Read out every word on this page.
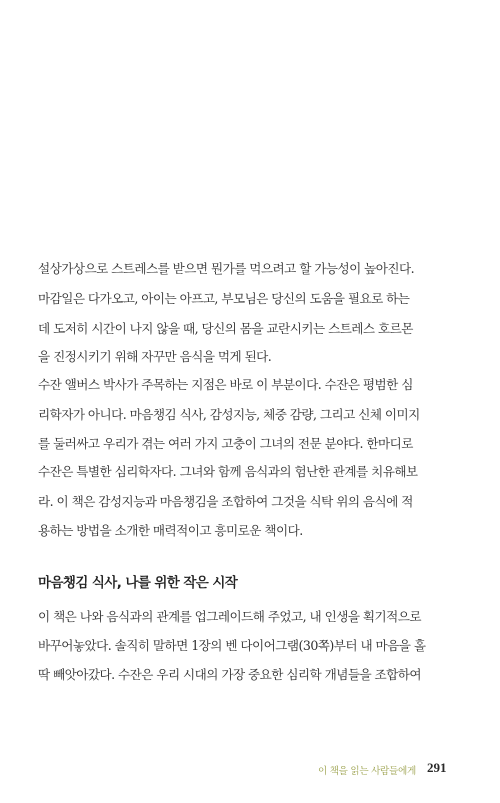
설상가상으로 스트레스를 받으면 뭔가를 먹으려고 할 가능성이 높아진다.
마감일은 다가오고, 아이는 아프고, 부모님은 당신의 도움을 필요로 하는
데 도저히 시간이 나지 않을 때, 당신의 몸을 교란시키는 스트레스 호르몬
을 진정시키기 위해 자꾸만 음식을 먹게 된다.
수잔 앨버스 박사가 주목하는 지점은 바로 이 부분이다. 수잔은 평범한 심
리학자가 아니다. 마음챙김 식사, 감성지능, 체중 감량, 그리고 신체 이미지
를 둘러싸고 우리가 겪는 여러 가지 고충이 그녀의 전문 분야다. 한마디로
수잔은 특별한 심리학자다. 그녀와 함께 음식과의 험난한 관계를 치유해보
라. 이 책은 감성지능과 마음챙김을 조합하여 그것을 식탁 위의 음식에 적
용하는 방법을 소개한 매력적이고 흥미로운 책이다.
마음챙김 식사, 나를 위한 작은 시작
이 책은 나와 음식과의 관계를 업그레이드해 주었고, 내 인생을 획기적으로
바꾸어놓았다. 솔직히 말하면 1장의 벤 다이어그램(30쪽)부터 내 마음을 홀
딱 빼앗아갔다. 수잔은 우리 시대의 가장 중요한 심리학 개념들을 조합하여
이 책을 읽는 사람들에게 291
